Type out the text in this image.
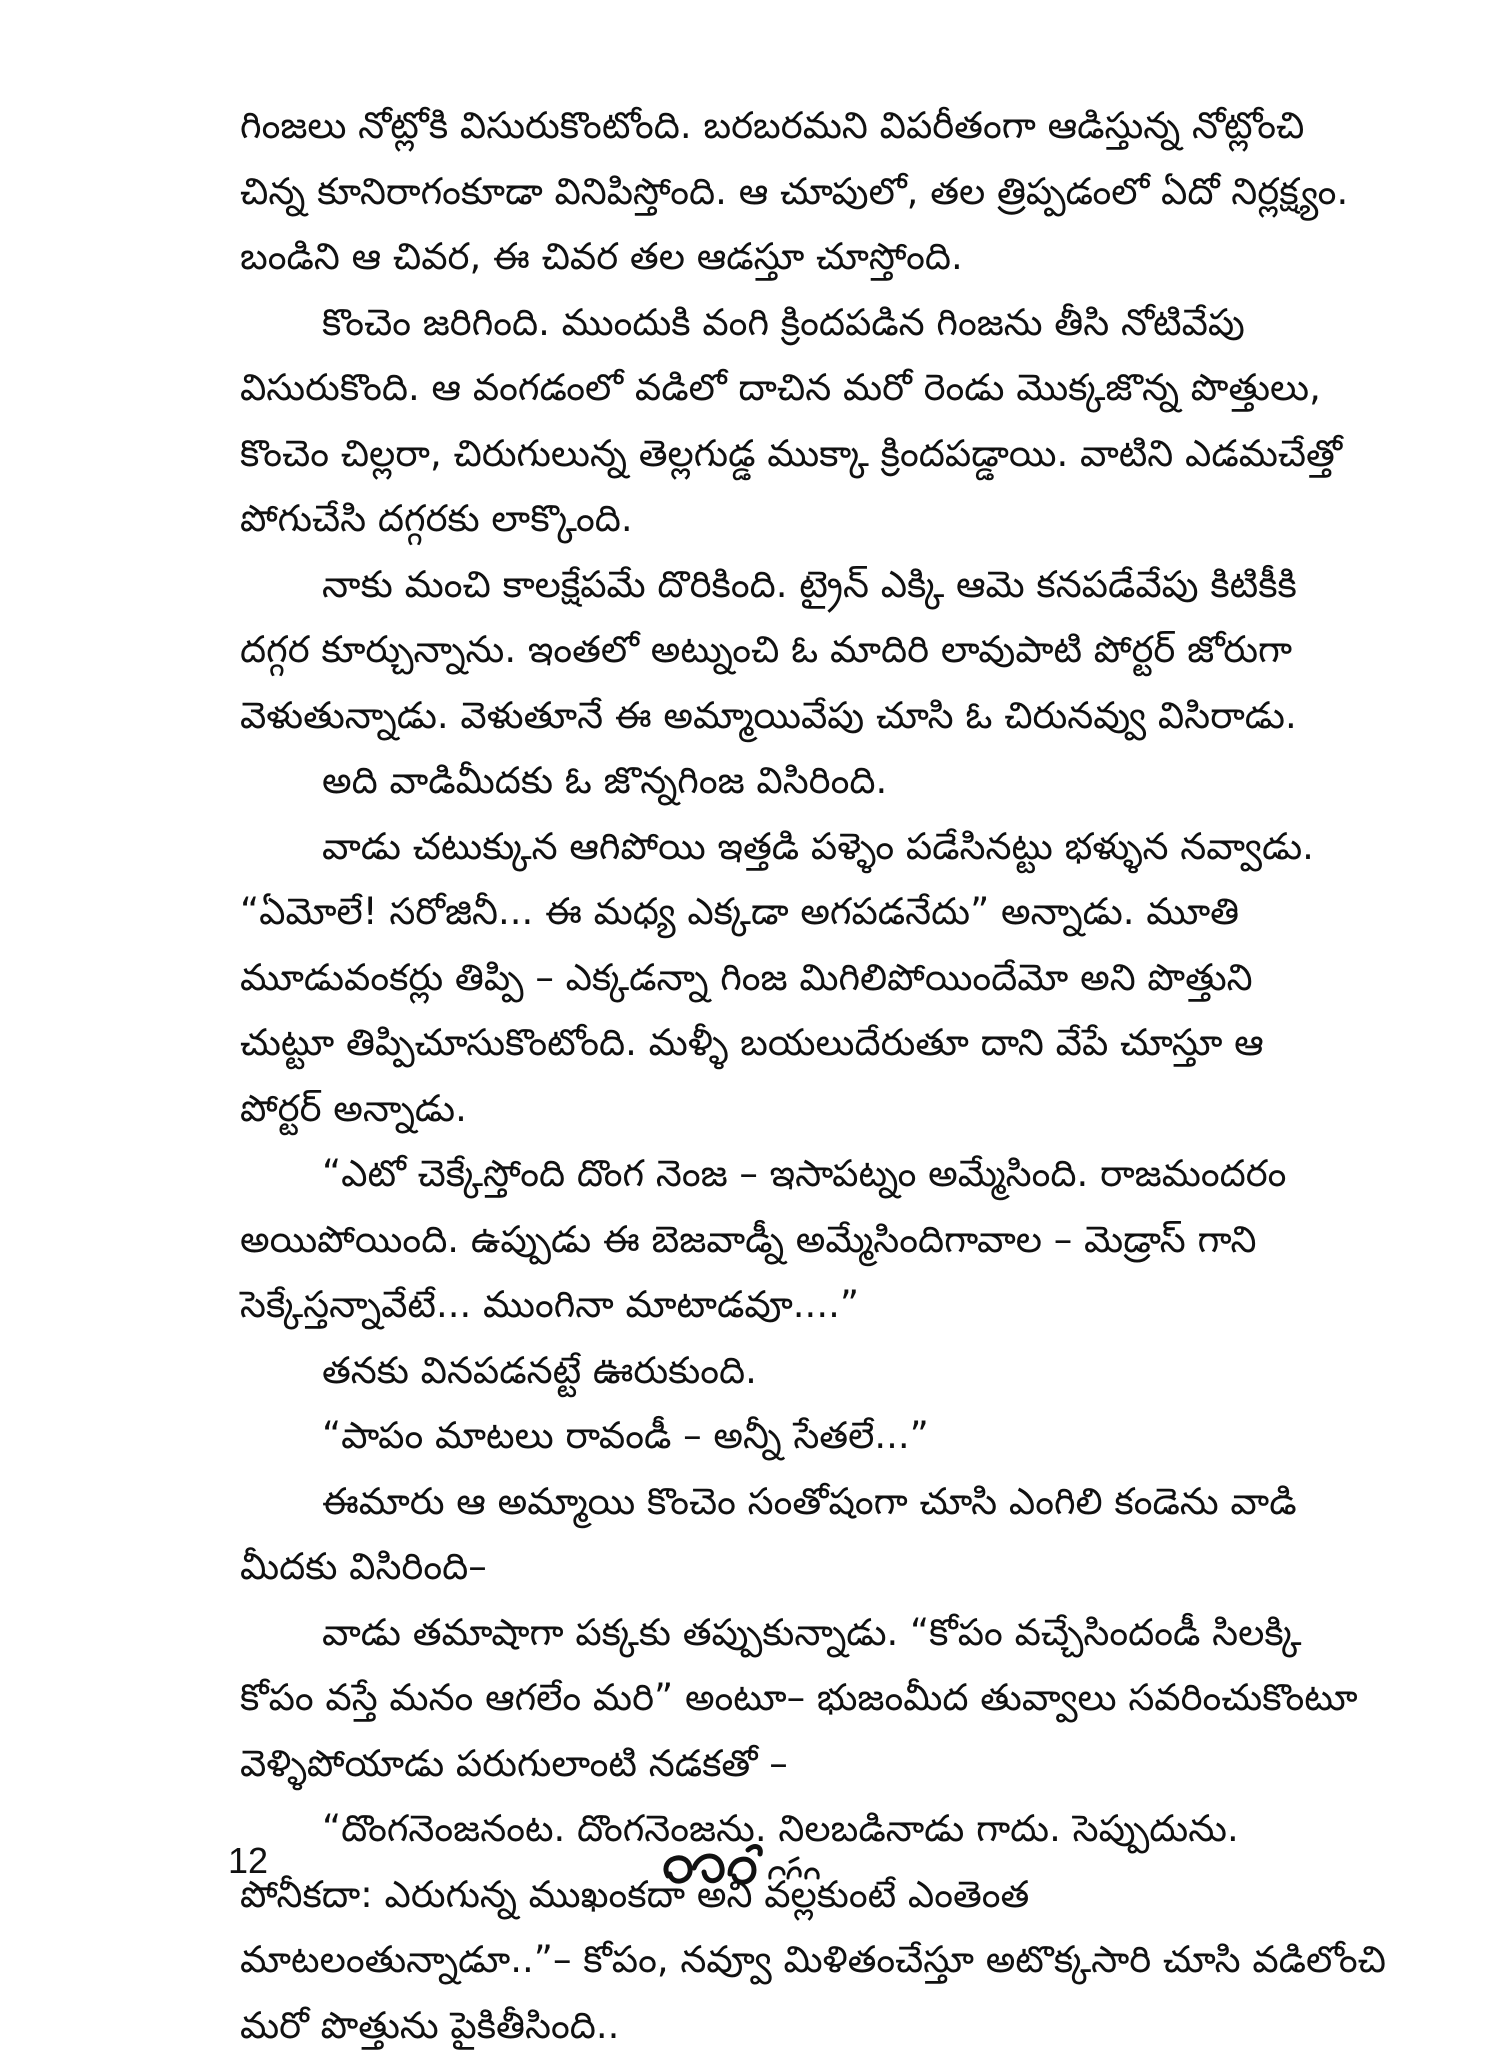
గింజలు నోట్లోకి విసురుకొంటోంది. బరబరమని విపరీతంగా ఆడిస్తున్న నోట్లోంచి
చిన్న కూనిరాగంకూడా వినిపిస్తోంది. ఆ చూపులో, తల త్రిప్పడంలో ఏదో నిర్లక్ష్యం.
బండిని ఆ చివర, ఈ చివర తల ఆడస్తూ చూస్తోంది.
కొంచెం జరిగింది. ముందుకి వంగి క్రిందపడిన గింజను తీసి నోటివేపు
విసురుకొంది. ఆ వంగడంలో వడిలో దాచిన మరో రెండు మొక్కజొన్న పొత్తులు,
కొంచెం చిల్లరా, చిరుగులున్న తెల్లగుడ్డ ముక్కా క్రిందపడ్డాయి. వాటిని ఎడమచేత్తో
పోగుచేసి దగ్గరకు లాక్కొంది.
నాకు మంచి కాలక్షేపమే దొరికింది. ట్రైన్ ఎక్కి ఆమె కనపడేవేపు కిటికీకి
దగ్గర కూర్చున్నాను. ఇంతలో అట్నుంచి ఓ మాదిరి లావుపాటి పోర్టర్ జోరుగా
వెళుతున్నాడు. వెళుతూనే ఈ అమ్మాయివేపు చూసి ఓ చిరునవ్వు విసిరాడు.
అది వాడిమీదకు ఓ జొన్నగింజ విసిరింది.
వాడు చటుక్కున ఆగిపోయి ఇత్తడి పళ్ళెం పడేసినట్టు భళ్ళున నవ్వాడు.
“ఏమోలే! సరోజినీ... ఈ మధ్య ఎక్కడా అగపడనేదు” అన్నాడు. మూతి
మూడువంకర్లు తిప్పి – ఎక్కడన్నా గింజ మిగిలిపోయిందేమో అని పొత్తుని
చుట్టూ తిప్పిచూసుకొంటోంది. మళ్ళీ బయలుదేరుతూ దాని వేపే చూస్తూ ఆ
పోర్టర్ అన్నాడు.
“ఎటో చెక్కేస్తోంది దొంగ నెంజ – ఇసాపట్నం అమ్మేసింది. రాజమందరం
అయిపోయింది. ఉప్పుడు ఈ బెజవాడ్నీ అమ్మేసిందిగావాల – మెడ్రాస్ గాని
సెక్కేస్తన్నావేటే... ముంగినా మాటాడవూ....”
తనకు వినపడనట్టే ఊరుకుంది.
“పాపం మాటలు రావండీ – అన్నీ సేతలే...”
ఈమారు ఆ అమ్మాయి కొంచెం సంతోషంగా చూసి ఎంగిలి కండెను వాడి
మీదకు విసిరింది–
వాడు తమాషాగా పక్కకు తప్పుకున్నాడు. “కోపం వచ్చేసిందండీ సిలక్కి
కోపం వస్తే మనం ఆగలేం మరి” అంటూ– భుజంమీద తువ్వాలు సవరించుకొంటూ
వెళ్ళిపోయాడు పరుగులాంటి నడకతో –
“దొంగనెంజనంట. దొంగనెంజను. నిలబడినాడు గాదు. సెప్పుదును.
పోనీకదా: ఎరుగున్న ముఖంకదా అని వల్లకుంటే ఎంతెంత
మాటలంతున్నాడూ..”– కోపం, నవ్వూ మిళితంచేస్తూ అటొక్కసారి చూసి వడిలోంచి
మరో పొత్తును పైకితీసింది..
12
